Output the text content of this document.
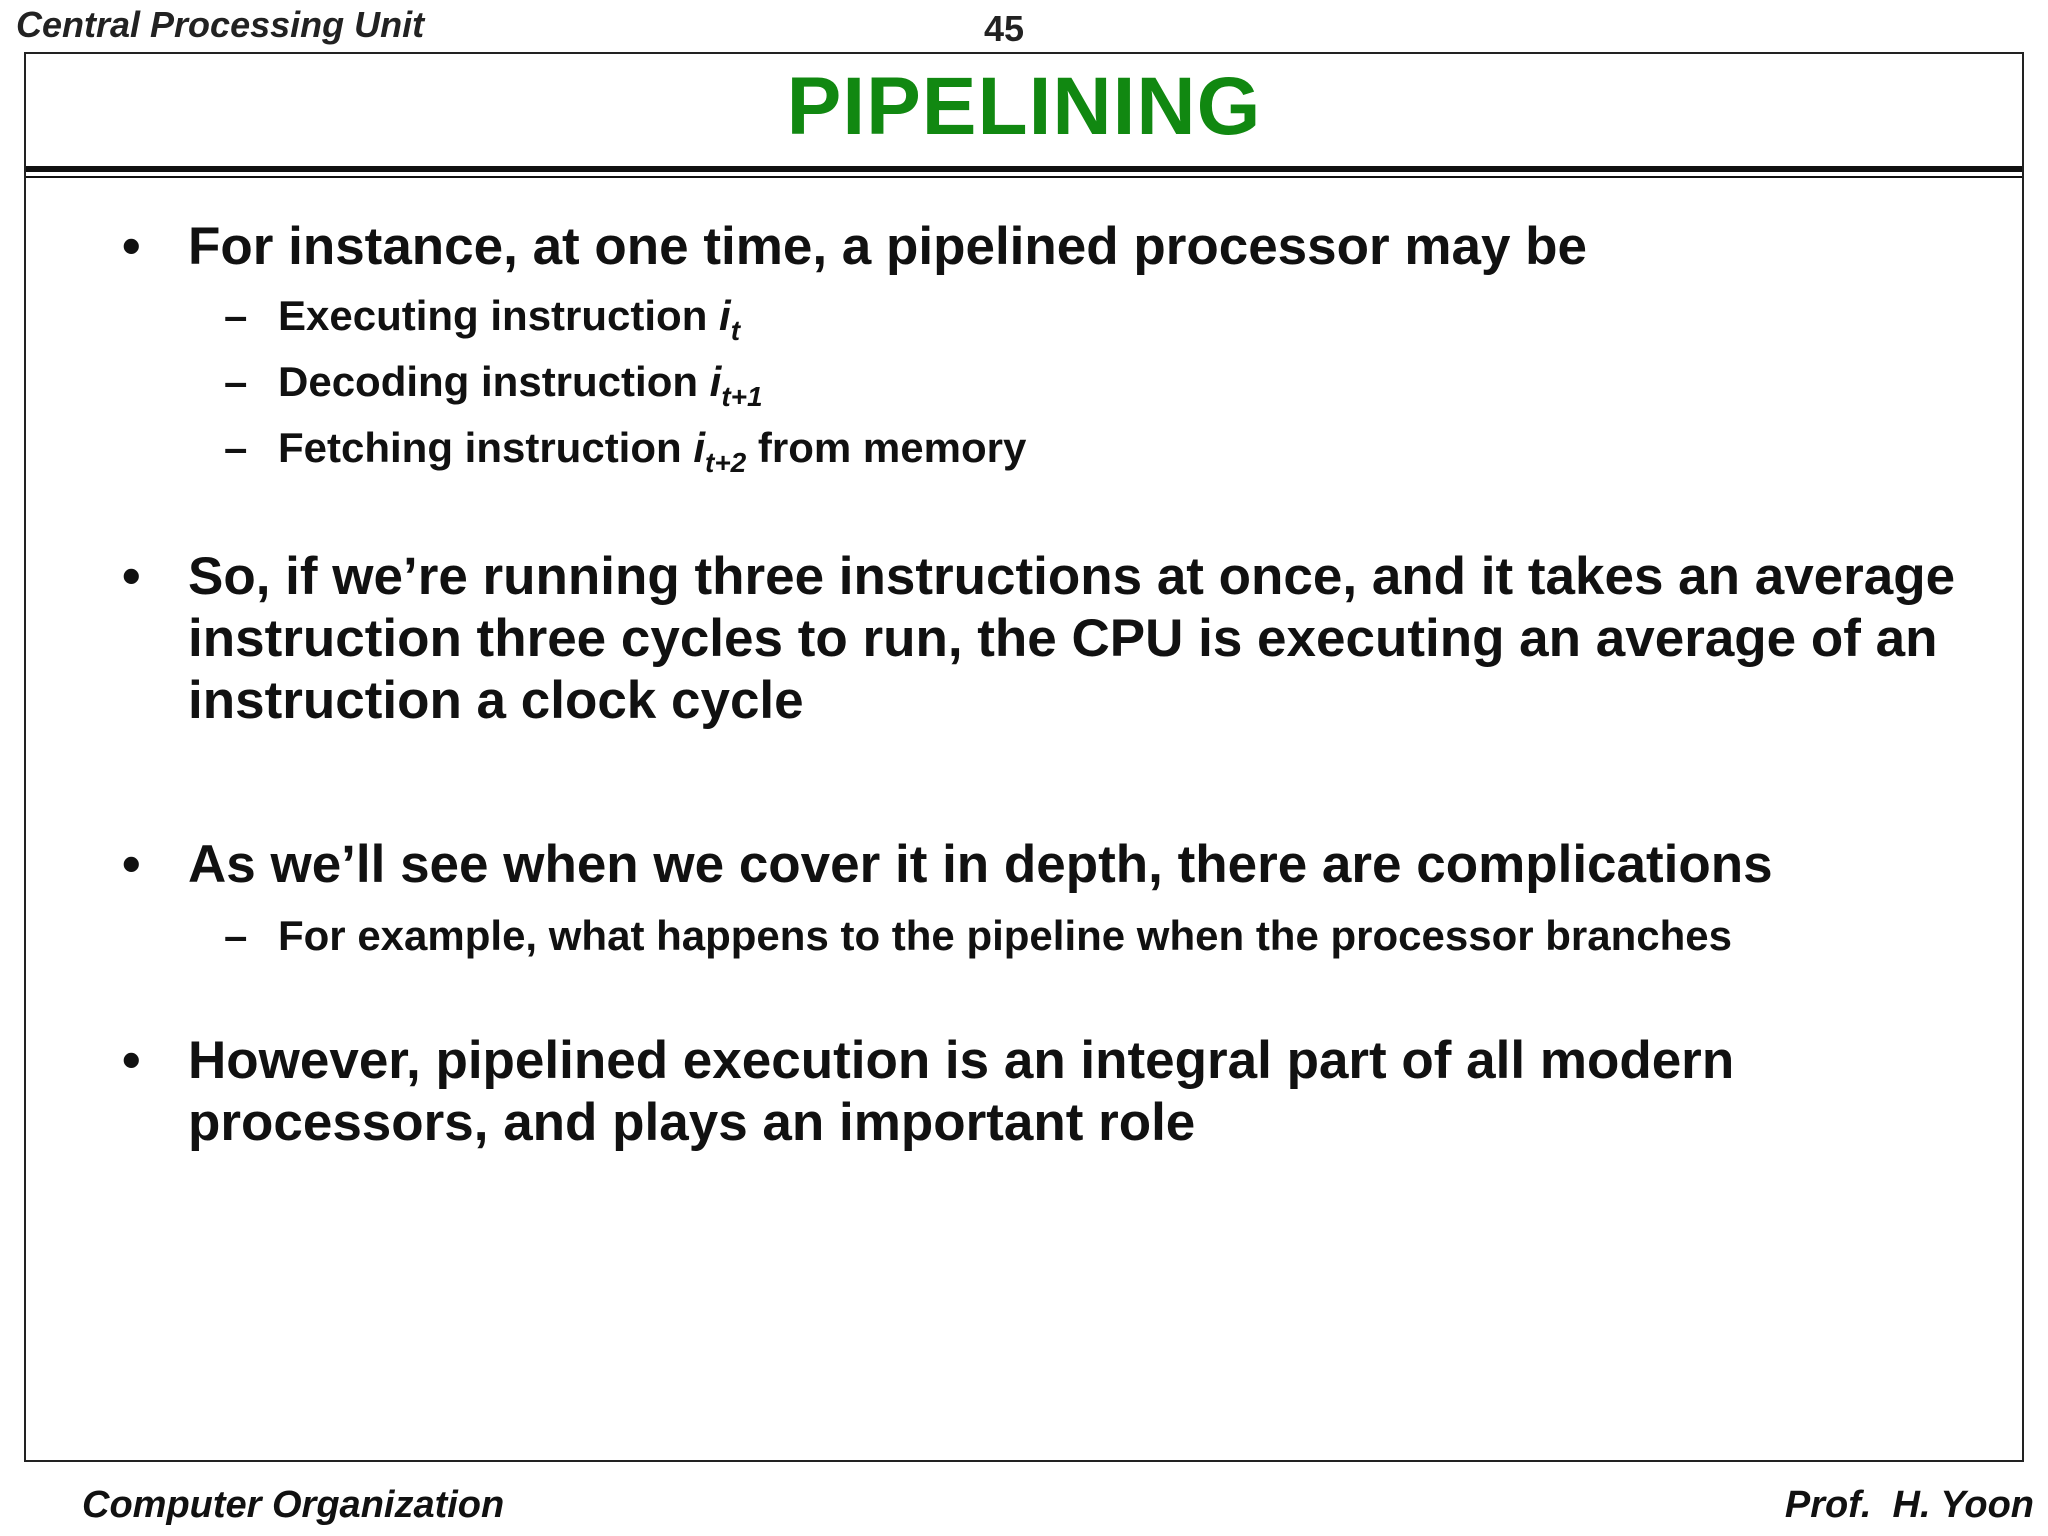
Central Processing Unit	45
PIPELINING
• For instance, at one time, a pipelined processor may be
– Executing instruction $i_t$
– Decoding instruction $i_{t+1}$
– Fetching instruction $i_{t+2}$ from memory
• So, if we’re running three instructions at once, and it takes an average instruction three cycles to run, the CPU is executing an average of an instruction a clock cycle
• As we’ll see when we cover it in depth, there are complications
– For example, what happens to the pipeline when the processor branches
• However, pipelined execution is an integral part of all modern processors, and plays an important role
Computer Organization	Prof.  H. Yoon
